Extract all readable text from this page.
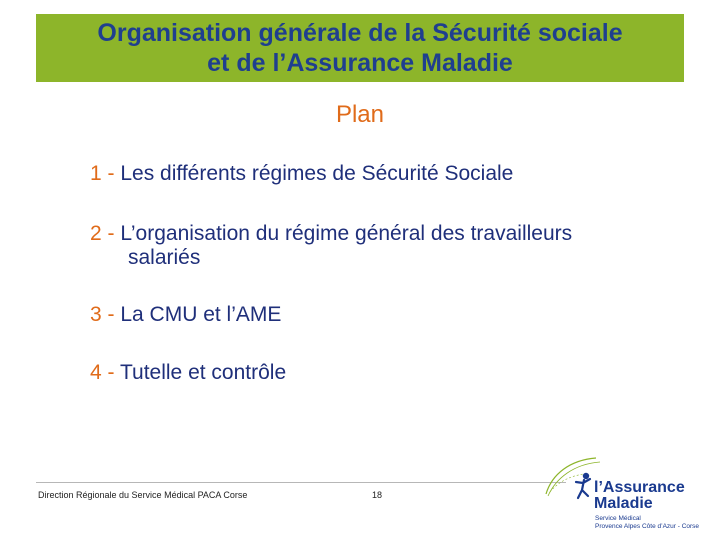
Organisation générale de la Sécurité sociale
et de l’Assurance Maladie
Plan
1 - Les différents régimes de Sécurité Sociale
2 - L’organisation du régime général des travailleurs
salariés
3 - La CMU et l’AME
4 - Tutelle et contrôle
Direction Régionale du Service Médical PACA Corse	18	l’Assurance
Maladie
Service Médical
Provence Alpes Côte d’Azur - Corse
